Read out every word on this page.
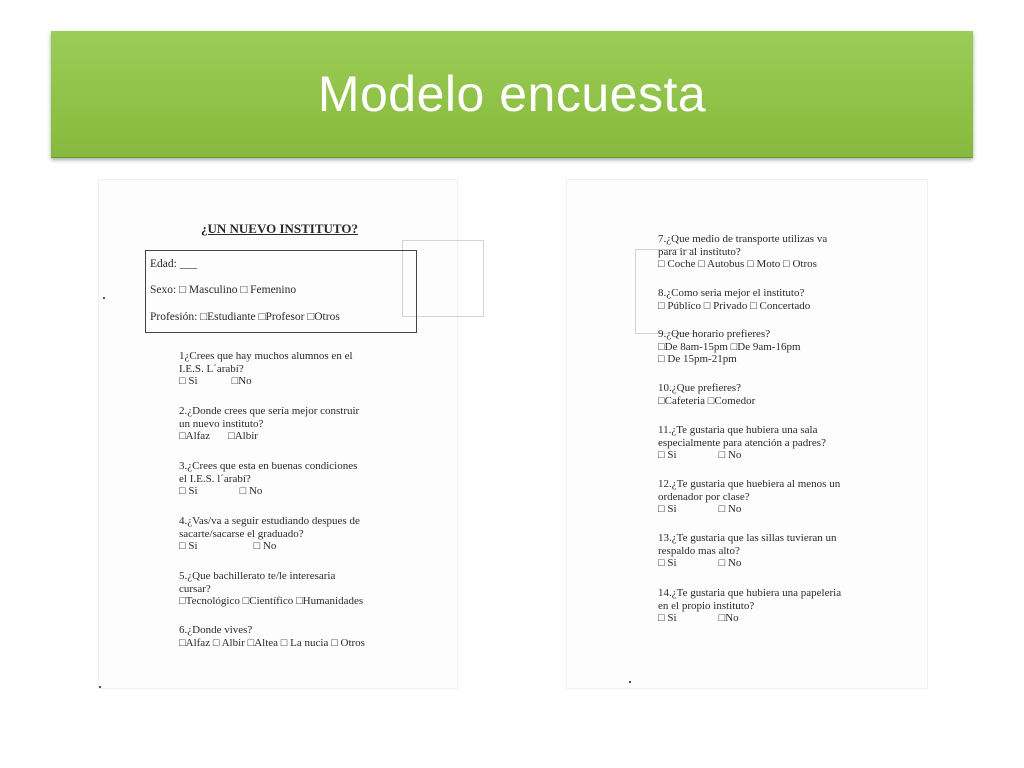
Modelo encuesta
¿UN NUEVO INSTITUTO?
Edad: ___
Sexo: □ Masculino □ Femenino
Profesión: □Estudiante □Profesor □Otros
1¿Crees que hay muchos alumnos en el
I.E.S. L´arabí?
□ Si	□No
2.¿Donde crees que sería mejor construir
un nuevo instituto?
□Alfaz □Albir
3.¿Crees que esta en buenas condiciones
el I.E.S. l´arabí?
□ Si	□ No
4.¿Vas/va a seguir estudiando despues de
sacarte/sacarse el graduado?
□ Si	□ No
5.¿Que bachillerato te/le interesaria
cursar?
□Tecnológico □Científico □Humanidades
6.¿Donde vives?
□Alfaz □ Albir □Altea □ La nucia □ Otros
7.¿Que medio de transporte utilizas va
para ir al instituto?
□ Coche □ Autobus □ Moto □ Otros
8.¿Como seria mejor el instituto?
□ Público □ Privado □ Concertado
9.¿Que horario prefieres?
□De 8am-15pm □De 9am-16pm
□ De 15pm-21pm
10.¿Que prefieres?
□Cafeteria □Comedor
11.¿Te gustaria que hubiera una sala
especialmente para atención a padres?
□ Si	□ No
12.¿Te gustaria que huebiera al menos un
ordenador por clase?
□ Si	□ No
13.¿Te gustaria que las sillas tuvieran un
respaldo mas alto?
□ Si	□ No
14.¿Te gustaria que hubiera una papeleria
en el propio instituto?
□ Si	□No
